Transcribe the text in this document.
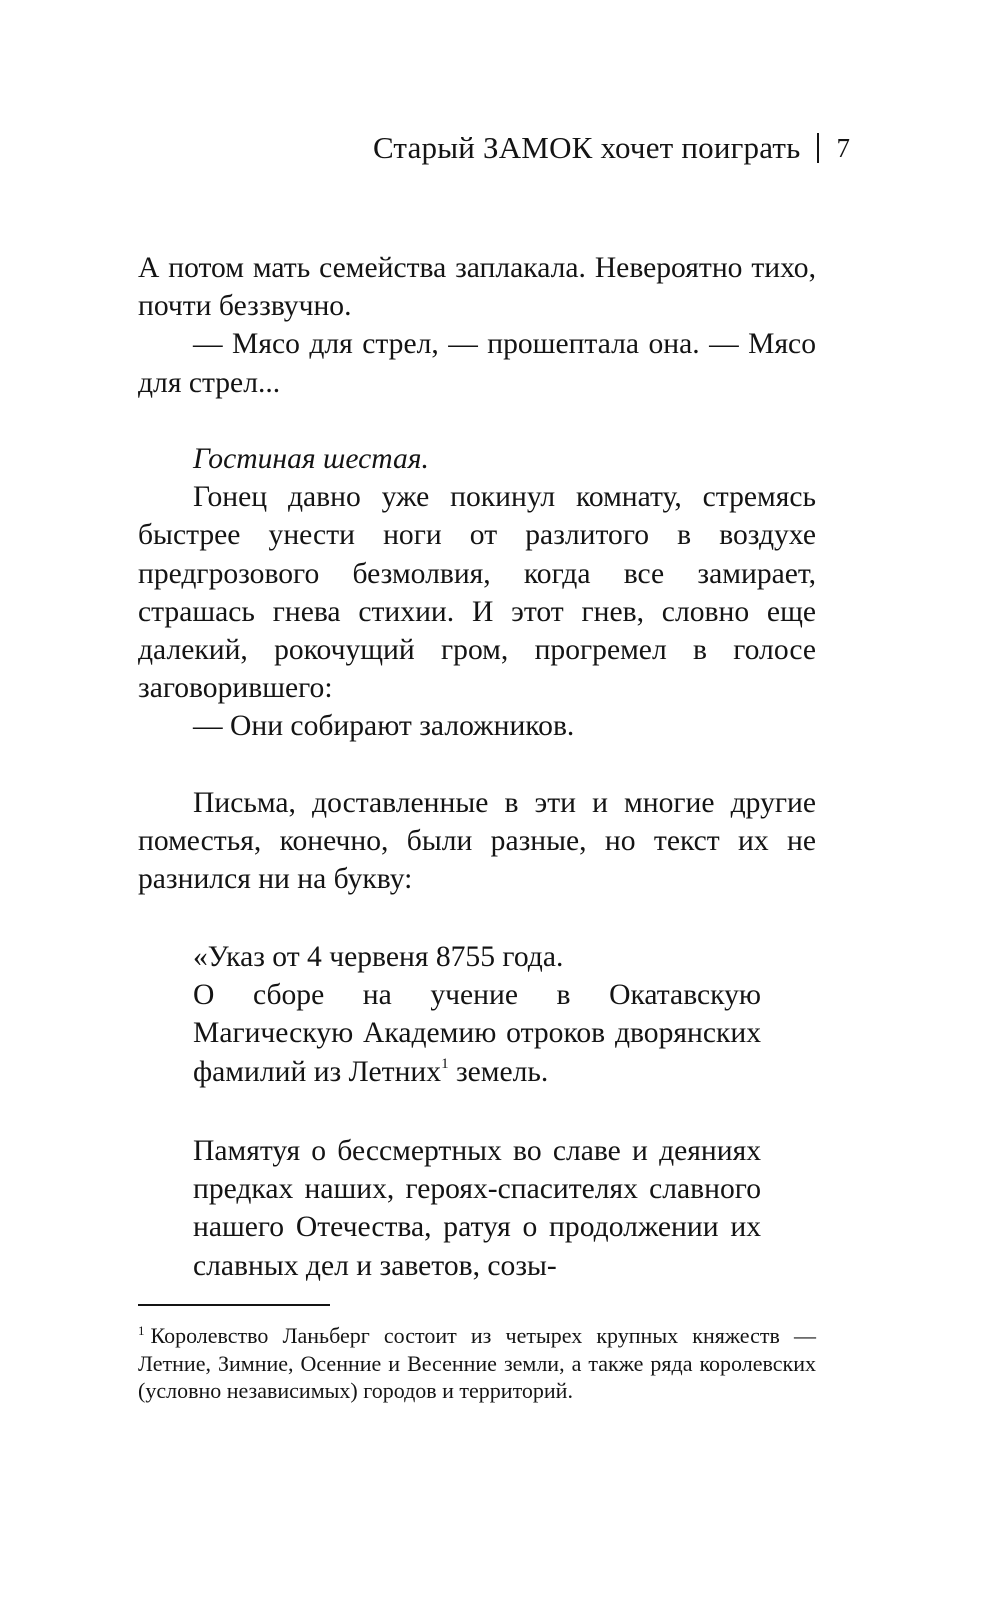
Старый ЗАМОК хочет поиграть 7

А потом мать семейства заплакала. Невероятно тихо, почти беззвучно.

— Мясо для стрел, — прошептала она. — Мясо для стрел...

Гостиная шестая.

Гонец давно уже покинул комнату, стремясь быстрее унести ноги от разлитого в воздухе предгрозового безмолвия, когда все замирает, страшась гнева стихии. И этот гнев, словно еще далекий, рокочущий гром, прогремел в голосе заговорившего:

— Они собирают заложников.

Письма, доставленные в эти и многие другие поместья, конечно, были разные, но текст их не разнился ни на букву:

«Указ от 4 червеня 8755 года.

О сборе на учение в Окатавскую Магическую Академию отроков дворянских фамилий из Летних$^1$ земель.

Памятуя о бессмертных во славе и деяниях предках наших, героях-спасителях славного нашего Отечества, ратуя о продолжении их славных дел и заветов, созы-

$^1$ Королевство Ланьберг состоит из четырех крупных княжеств — Летние, Зимние, Осенние и Весенние земли, а также ряда королевских (условно независимых) городов и территорий.
